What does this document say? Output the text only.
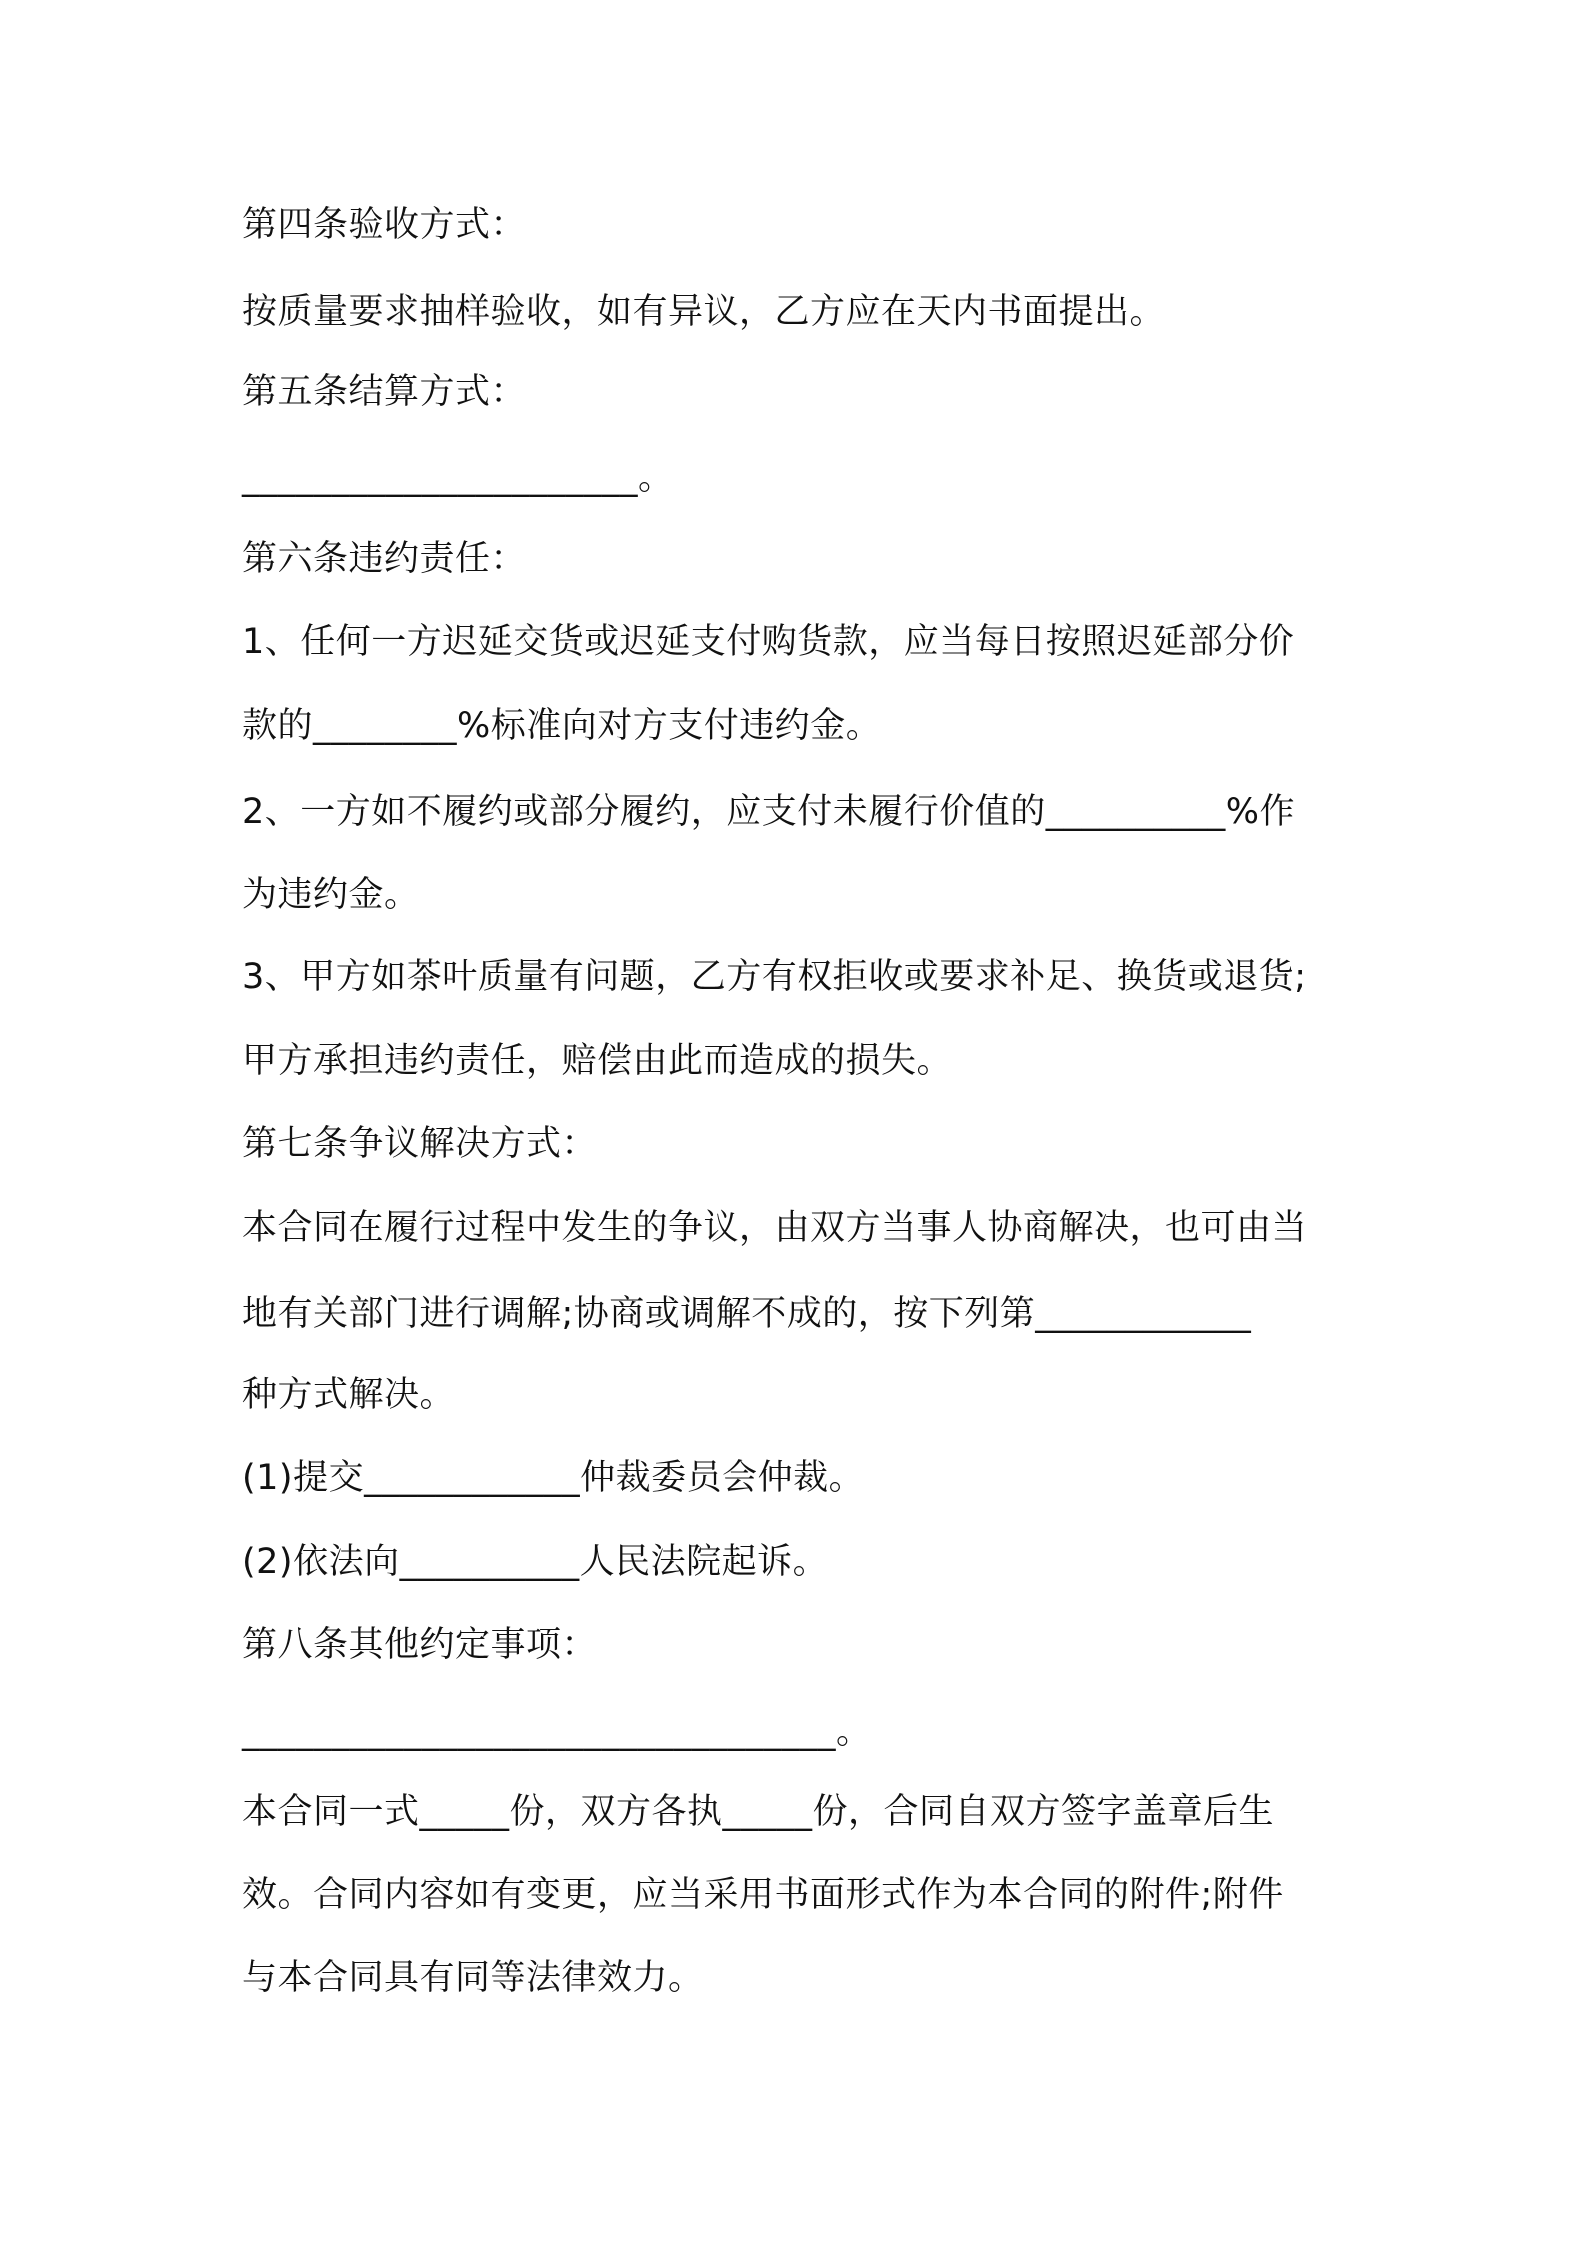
第四条验收方式：
按质量要求抽样验收，如有异议，乙方应在天内书面提出。
第五条结算方式：
______________________。
第六条违约责任：
1、任何一方迟延交货或迟延支付购货款，应当每日按照迟延部分价
款的________%标准向对方支付违约金。
2、一方如不履约或部分履约，应支付未履行价值的__________%作
为违约金。
3、甲方如茶叶质量有问题，乙方有权拒收或要求补足、换货或退货;
甲方承担违约责任，赔偿由此而造成的损失。
第七条争议解决方式：
本合同在履行过程中发生的争议，由双方当事人协商解决，也可由当
地有关部门进行调解;协商或调解不成的，按下列第____________
种方式解决。
(1)提交____________仲裁委员会仲裁。
(2)依法向__________人民法院起诉。
第八条其他约定事项：
_________________________________。
本合同一式_____份，双方各执_____份，合同自双方签字盖章后生
效。合同内容如有变更，应当采用书面形式作为本合同的附件;附件
与本合同具有同等法律效力。
